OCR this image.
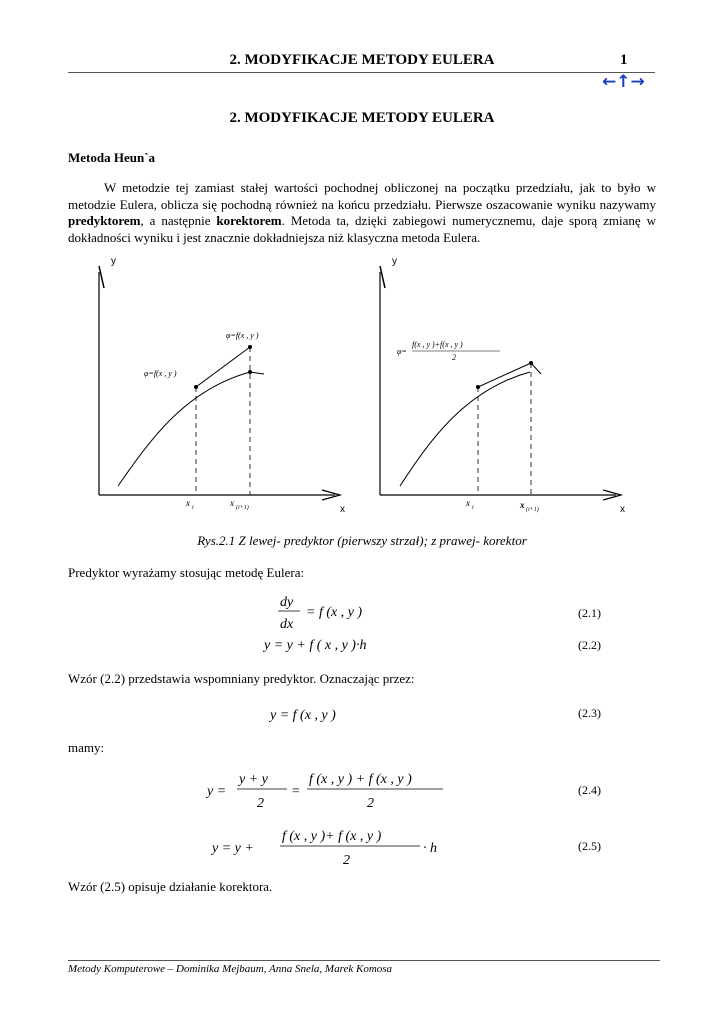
2. MODYFIKACJE METODY EULERA	1
← ↑ →
2. MODYFIKACJE METODY EULERA
Metoda Heun`a

W metodzie tej zamiast stałej wartości pochodnej obliczonej na początku przedziału, jak to było w metodzie Eulera, oblicza się pochodną również na końcu przedziału. Pierwsze oszacowanie wyniku nazywamy predyktorem, a następnie korektorem. Metoda ta, dzięki zabiegowi numerycznemu, daje sporą zmianę w dokładności wyniku i jest znacznie dokładniejsza niż klasyczna metoda Eulera.

y
x
φ=f(x , y )
φ=f(x , y )
x i	x (i+1)
y
x
φ=
f(x , y )+f(x , y )
2
x i	x (i+1)
Rys.2.1 Z lewej- predyktor (pierwszy strzał); z prawej- korektor
Predyktor wyrażamy stosując metodę Eulera:
dy
dx
= f (x , y )	(2.1)
y = y + f ( x , y )·h	(2.2)
Wzór (2.2) przedstawia wspomniany predyktor. Oznaczając przez:
y = f (x , y )	(2.3)
mamy:
y =
y + y
2
=
f (x , y ) + f (x , y )
2
(2.4)
y = y +
f (x , y )+ f (x , y )
2
· h	(2.5)
Wzór (2.5) opisuje działanie korektora.
Metody Komputerowe – Dominika Mejbaum, Anna Snela, Marek Komosa
